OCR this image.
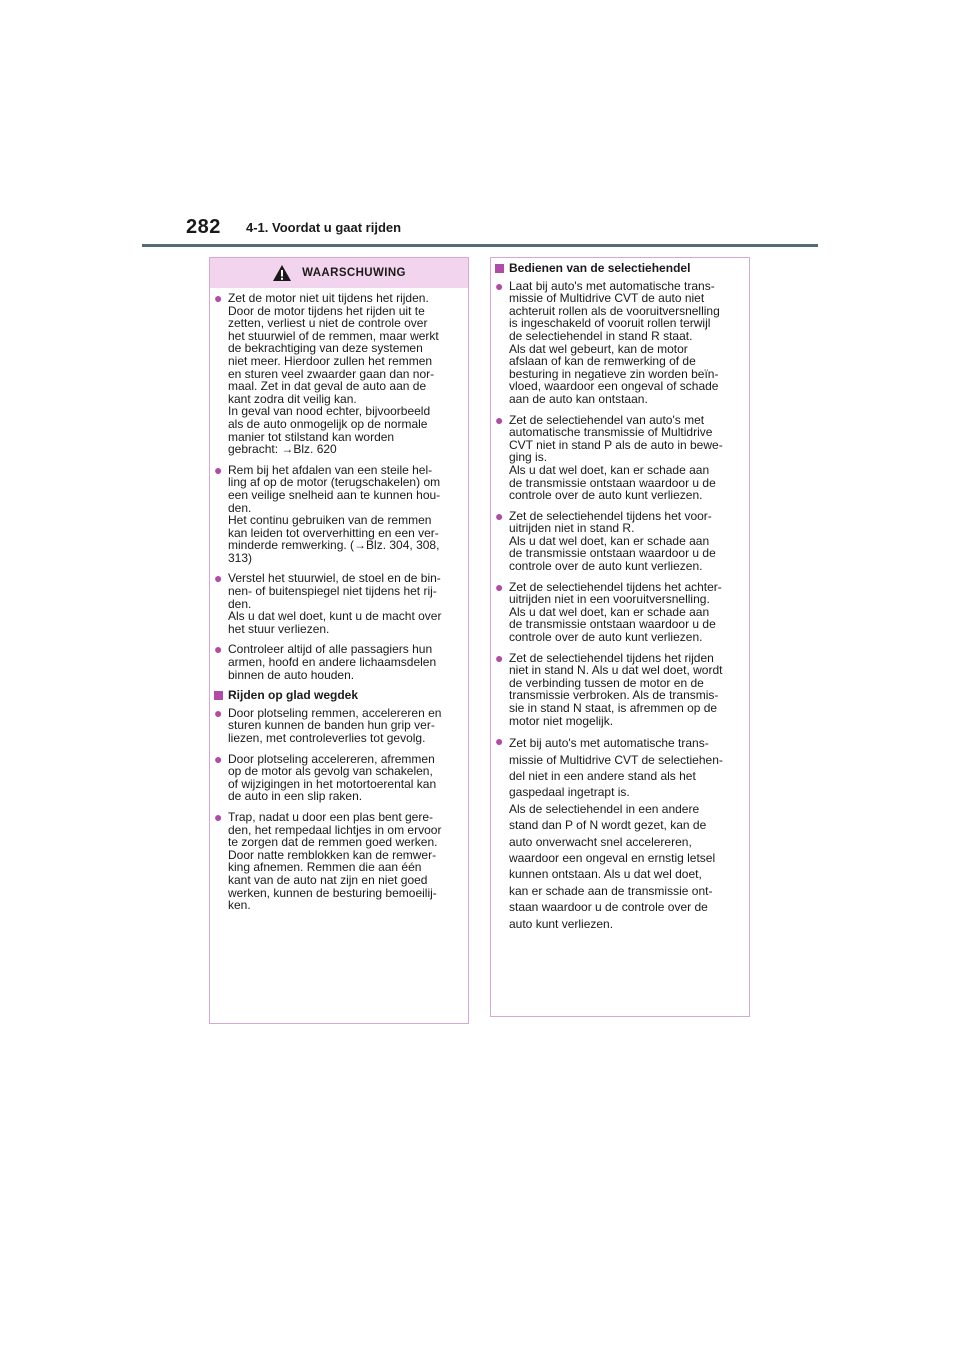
282 4-1. Voordat u gaat rijden
WAARSCHUWING
● Zet de motor niet uit tijdens het rijden.
Door de motor tijdens het rijden uit te
zetten, verliest u niet de controle over
het stuurwiel of de remmen, maar werkt
de bekrachtiging van deze systemen
niet meer. Hierdoor zullen het remmen
en sturen veel zwaarder gaan dan nor-
maal. Zet in dat geval de auto aan de
kant zodra dit veilig kan.
In geval van nood echter, bijvoorbeeld
als de auto onmogelijk op de normale
manier tot stilstand kan worden
gebracht: →Blz. 620
● Rem bij het afdalen van een steile hel-
ling af op de motor (terugschakelen) om
een veilige snelheid aan te kunnen hou-
den.
Het continu gebruiken van de remmen
kan leiden tot oververhitting en een ver-
minderde remwerking. (→Blz. 304, 308,
313)
● Verstel het stuurwiel, de stoel en de bin-
nen- of buitenspiegel niet tijdens het rij-
den.
Als u dat wel doet, kunt u de macht over
het stuur verliezen.
● Controleer altijd of alle passagiers hun
armen, hoofd en andere lichaamsdelen
binnen de auto houden.
Rijden op glad wegdek
● Door plotseling remmen, accelereren en
sturen kunnen de banden hun grip ver-
liezen, met controleverlies tot gevolg.
● Door plotseling accelereren, afremmen
op de motor als gevolg van schakelen,
of wijzigingen in het motortoerental kan
de auto in een slip raken.
● Trap, nadat u door een plas bent gere-
den, het rempedaal lichtjes in om ervoor
te zorgen dat de remmen goed werken.
Door natte remblokken kan de remwer-
king afnemen. Remmen die aan één
kant van de auto nat zijn en niet goed
werken, kunnen de besturing bemoeilij-
ken.
Bedienen van de selectiehendel
● Laat bij auto's met automatische trans-
missie of Multidrive CVT de auto niet
achteruit rollen als de vooruitversnelling
is ingeschakeld of vooruit rollen terwijl
de selectiehendel in stand R staat.
Als dat wel gebeurt, kan de motor
afslaan of kan de remwerking of de
besturing in negatieve zin worden beïn-
vloed, waardoor een ongeval of schade
aan de auto kan ontstaan.
● Zet de selectiehendel van auto's met
automatische transmissie of Multidrive
CVT niet in stand P als de auto in bewe-
ging is.
Als u dat wel doet, kan er schade aan
de transmissie ontstaan waardoor u de
controle over de auto kunt verliezen.
● Zet de selectiehendel tijdens het voor-
uitrijden niet in stand R.
Als u dat wel doet, kan er schade aan
de transmissie ontstaan waardoor u de
controle over de auto kunt verliezen.
● Zet de selectiehendel tijdens het achter-
uitrijden niet in een vooruitversnelling.
Als u dat wel doet, kan er schade aan
de transmissie ontstaan waardoor u de
controle over de auto kunt verliezen.
● Zet de selectiehendel tijdens het rijden
niet in stand N. Als u dat wel doet, wordt
de verbinding tussen de motor en de
transmissie verbroken. Als de transmis-
sie in stand N staat, is afremmen op de
motor niet mogelijk.
● Zet bij auto's met automatische trans-
missie of Multidrive CVT de selectiehen-
del niet in een andere stand als het
gaspedaal ingetrapt is.
Als de selectiehendel in een andere
stand dan P of N wordt gezet, kan de
auto onverwacht snel accelereren,
waardoor een ongeval en ernstig letsel
kunnen ontstaan. Als u dat wel doet,
kan er schade aan de transmissie ont-
staan waardoor u de controle over de
auto kunt verliezen.
